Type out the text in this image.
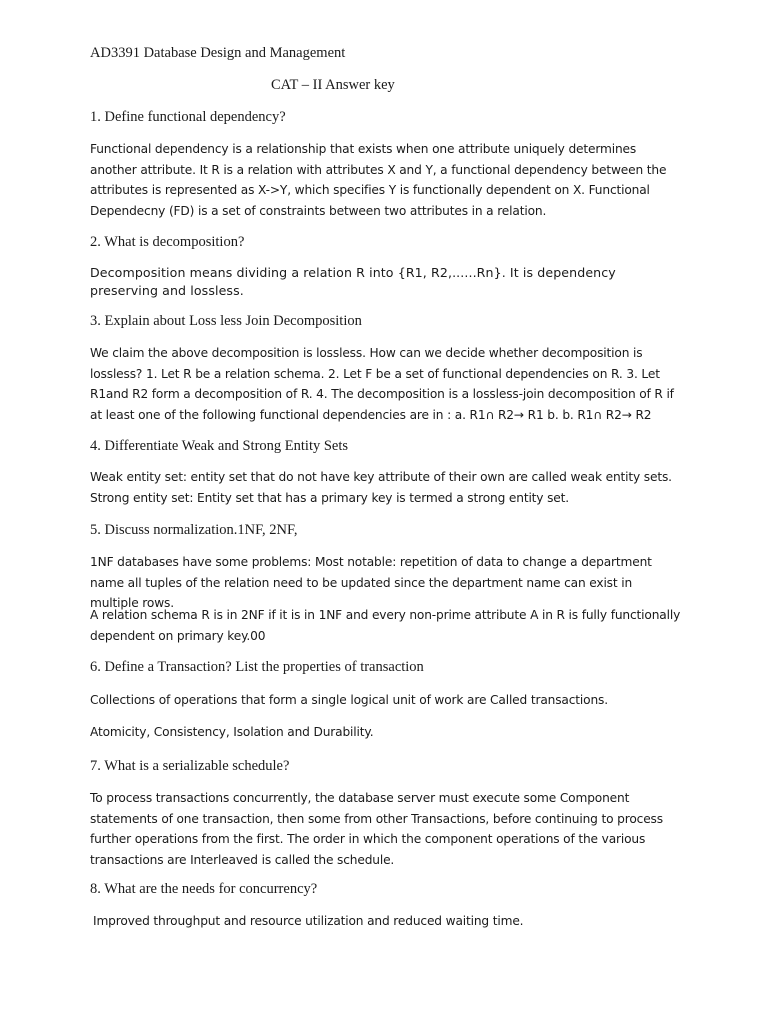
AD3391 Database Design and Management

CAT – II Answer key

1. Define functional dependency?

Functional dependency is a relationship that exists when one attribute uniquely determines another attribute. It R is a relation with attributes X and Y, a functional dependency between the attributes is represented as X->Y, which specifies Y is functionally dependent on X. Functional Dependecny (FD) is a set of constraints between two attributes in a relation.

2. What is decomposition?

Decomposition means dividing a relation R into {R1, R2,......Rn}. It is dependency preserving and lossless.

3. Explain about Loss less Join Decomposition

We claim the above decomposition is lossless. How can we decide whether decomposition is lossless? 1. Let R be a relation schema. 2. Let F be a set of functional dependencies on R. 3. Let R1and R2 form a decomposition of R. 4. The decomposition is a lossless-join decomposition of R if at least one of the following functional dependencies are in : a. R1∩ R2→ R1 b. b. R1∩ R2→ R2

4. Differentiate Weak and Strong Entity Sets

Weak entity set: entity set that do not have key attribute of their own are called weak entity sets. Strong entity set: Entity set that has a primary key is termed a strong entity set.

5. Discuss normalization.1NF, 2NF,

1NF databases have some problems: Most notable: repetition of data to change a department name all tuples of the relation need to be updated since the department name can exist in multiple rows.

A relation schema R is in 2NF if it is in 1NF and every non-prime attribute A in R is fully functionally dependent on primary key.00

6. Define a Transaction? List the properties of transaction

Collections of operations that form a single logical unit of work are Called transactions.

Atomicity, Consistency, Isolation and Durability.

7. What is a serializable schedule?

To process transactions concurrently, the database server must execute some Component statements of one transaction, then some from other Transactions, before continuing to process further operations from the first. The order in which the component operations of the various transactions are Interleaved is called the schedule.

8. What are the needs for concurrency?

Improved throughput and resource utilization and reduced waiting time.
